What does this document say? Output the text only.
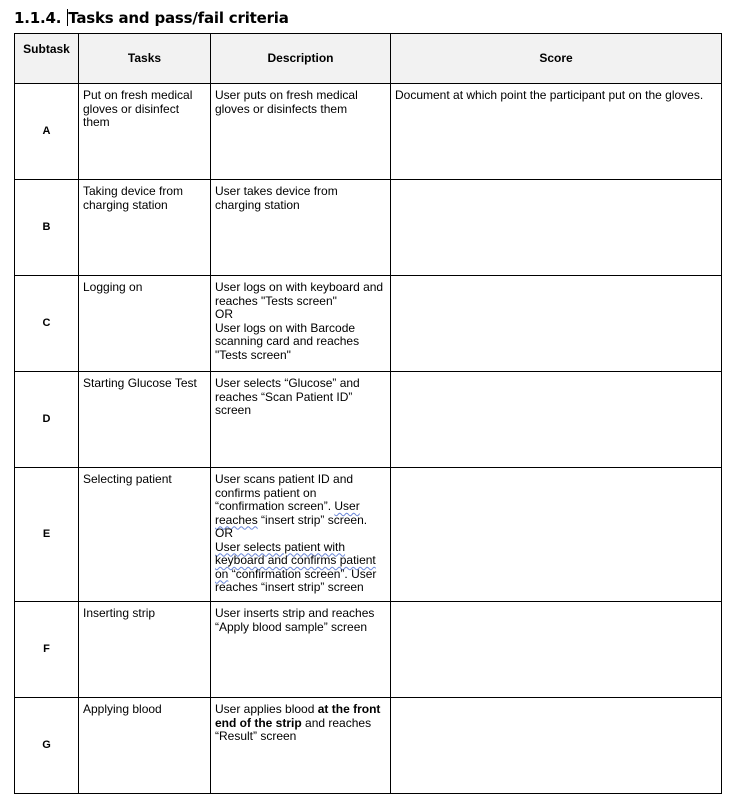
1.1.4. Tasks and pass/fail criteria
Subtask	Tasks	Description	Score
A	Put on fresh medical gloves or disinfect them	User puts on fresh medical gloves or disinfects them	Document at which point the participant put on the gloves.

B	Taking device from charging station	User takes device from charging station	

C	Logging on	User logs on with keyboard and reaches "Tests screen"
OR
User logs on with Barcode scanning card and reaches "Tests screen"	

D	Starting Glucose Test	User selects “Glucose” and reaches “Scan Patient ID” screen	

E	Selecting patient	User scans patient ID and confirms patient on “confirmation screen”. User reaches “insert strip” screen.
OR
User selects patient with keyboard and confirms patient on “confirmation screen”. User reaches “insert strip” screen	

F	Inserting strip	User inserts strip and reaches “Apply blood sample” screen	

G	Applying blood	User applies blood at the front end of the strip and reaches “Result” screen	
